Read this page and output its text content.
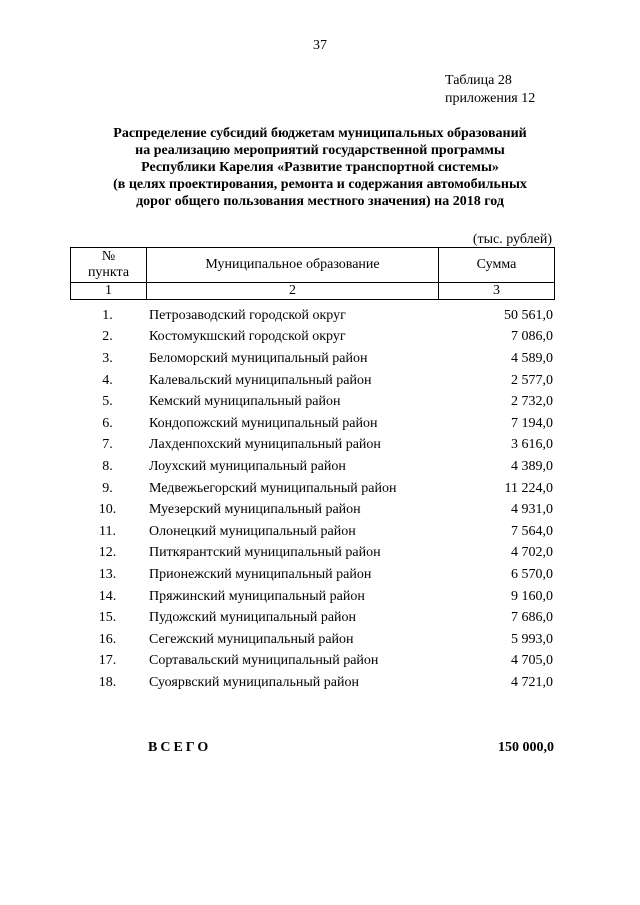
37
Таблица 28
приложения 12
Распределение субсидий бюджетам муниципальных образований
на реализацию мероприятий государственной программы
Республики Карелия «Развитие транспортной системы»
(в целях проектирования, ремонта и содержания автомобильных
дорог общего пользования местного значения) на 2018 год
(тыс. рублей)
№
пункта	Муниципальное образование	Сумма
1	2	3
1.	Петрозаводский городской округ	50 561,0
2.	Костомукшский городской округ	7 086,0
3.	Беломорский муниципальный район	4 589,0
4.	Калевальский муниципальный район	2 577,0
5.	Кемский муниципальный район	2 732,0
6.	Кондопожский муниципальный район	7 194,0
7.	Лахденпохский муниципальный район	3 616,0
8.	Лоухский муниципальный район	4 389,0
9.	Медвежьегорский муниципальный район	11 224,0
10.	Муезерский муниципальный район	4 931,0
11.	Олонецкий муниципальный район	7 564,0
12.	Питкярантский муниципальный район	4 702,0
13.	Прионежский муниципальный район	6 570,0
14.	Пряжинский муниципальный район	9 160,0
15.	Пудожский муниципальный район	7 686,0
16.	Сегежский муниципальный район	5 993,0
17.	Сортавальский муниципальный район	4 705,0
18.	Суоярвский муниципальный район	4 721,0
ВСЕГО	150 000,0
